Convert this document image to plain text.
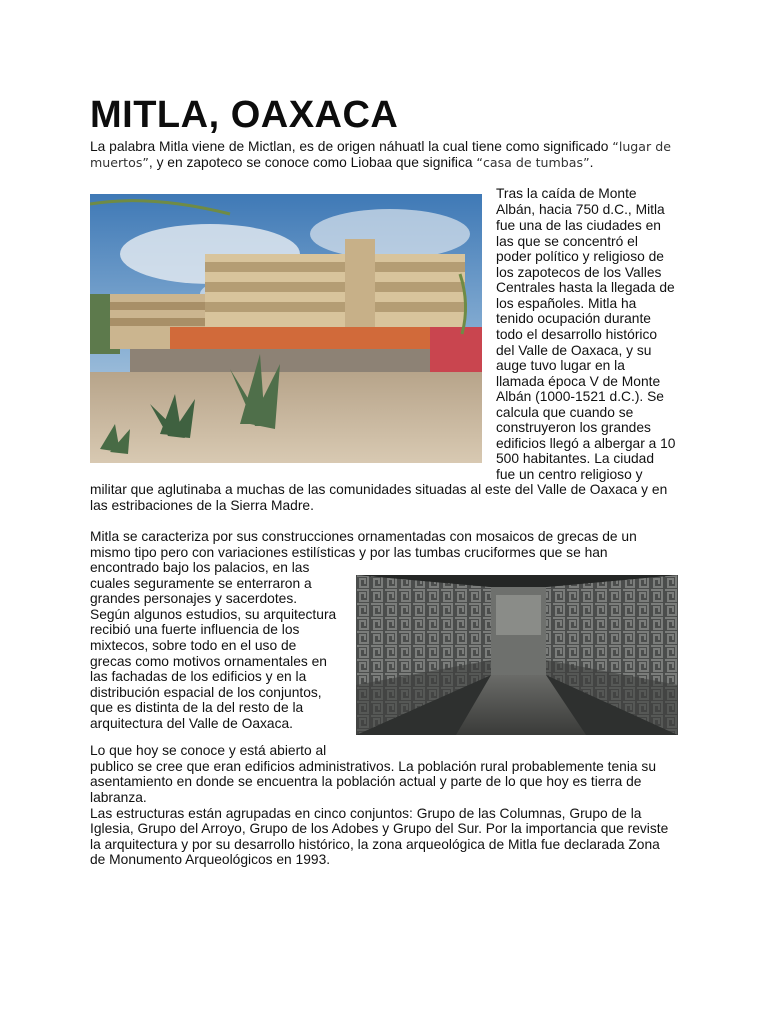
MITLA, OAXACA

La palabra Mitla viene de Mictlan, es de origen náhuatl la cual tiene como significado “lugar de

muertos”, y en zapoteco se conoce como Liobaa que significa “casa de tumbas”.

Tras la caída de Monte

Albán, hacia 750 d.C., Mitla

fue una de las ciudades en

las que se concentró el

poder político y religioso de

los zapotecos de los Valles

Centrales hasta la llegada de

los españoles. Mitla ha

tenido ocupación durante

todo el desarrollo histórico

del Valle de Oaxaca, y su

auge tuvo lugar en la

llamada época V de Monte

Albán (1000-1521 d.C.). Se

calcula que cuando se

construyeron los grandes

edificios llegó a albergar a 10

500 habitantes. La ciudad

fue un centro religioso y

militar que aglutinaba a muchas de las comunidades situadas al este del Valle de Oaxaca y en

las estribaciones de la Sierra Madre.

Mitla se caracteriza por sus construcciones ornamentadas con mosaicos de grecas de un

mismo tipo pero con variaciones estilísticas y por las tumbas cruciformes que se han

encontrado bajo los palacios, en las

cuales seguramente se enterraron a

grandes personajes y sacerdotes.

Según algunos estudios, su arquitectura

recibió una fuerte influencia de los

mixtecos, sobre todo en el uso de

grecas como motivos ornamentales en

las fachadas de los edificios y en la

distribución espacial de los conjuntos,

que es distinta de la del resto de la

arquitectura del Valle de Oaxaca.

Lo que hoy se conoce y está abierto al

publico se cree que eran edificios administrativos. La población rural probablemente tenia su

asentamiento en donde se encuentra la población actual y parte de lo que hoy es tierra de

labranza.

Las estructuras están agrupadas en cinco conjuntos: Grupo de las Columnas, Grupo de la

Iglesia, Grupo del Arroyo, Grupo de los Adobes y Grupo del Sur. Por la importancia que reviste

la arquitectura y por su desarrollo histórico, la zona arqueológica de Mitla fue declarada Zona

de Monumento Arqueológicos en 1993.
